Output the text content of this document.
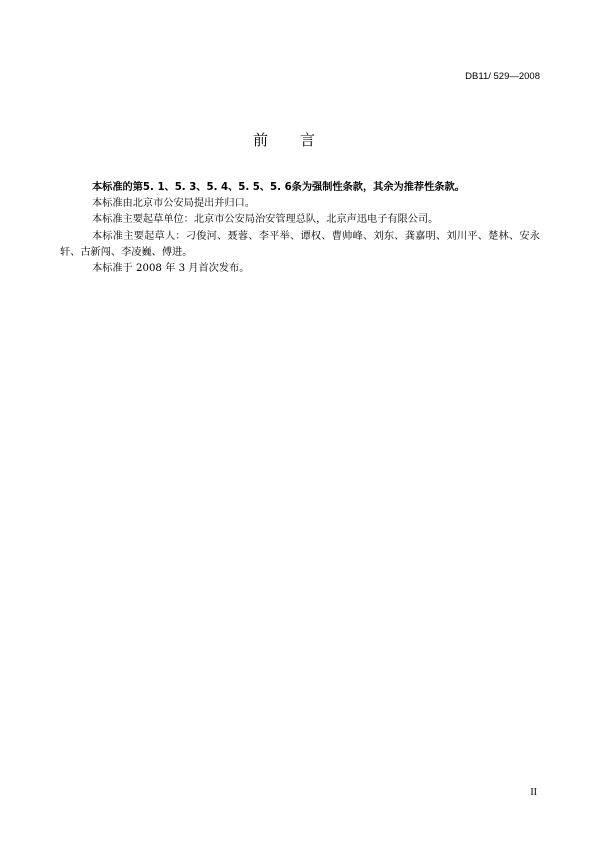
DB11/ 529—2008
前言

本标准的第5. 1、5. 3、5. 4、5. 5、5. 6条为强制性条款，其余为推荐性条款。

本标准由北京市公安局提出并归口。

本标准主要起草单位：北京市公安局治安管理总队，北京声迅电子有限公司。

本标准主要起草人：刁俊河、聂蓉、李平举、谭权、曹帅峰、刘东、龚嘉明、刘川平、楚林、安永
轩、古新闯、李凌巍、傅进。

本标准于 2008 年 3 月首次发布。

II
